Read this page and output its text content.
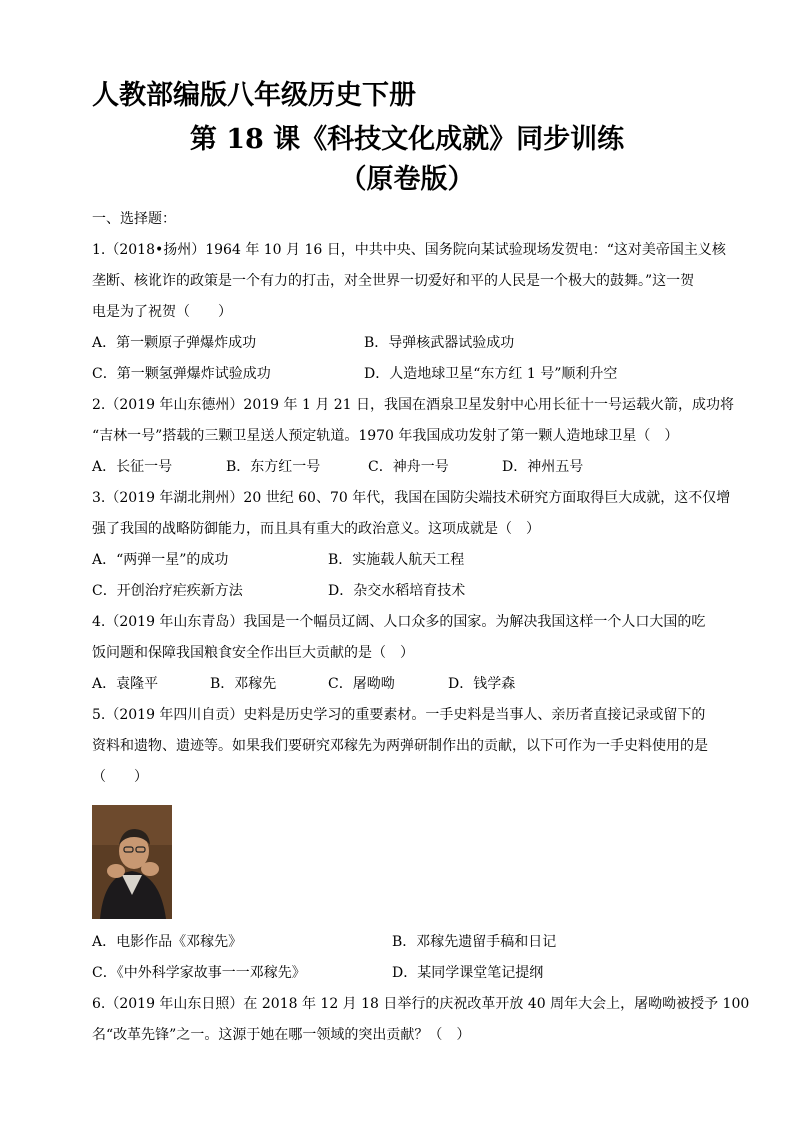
人教部编版八年级历史下册
第 18 课《科技文化成就》同步训练
（原卷版）
一、选择题：
1.（2018•扬州）1964 年 10 月 16 日，中共中央、国务院向某试验现场发贺电：“这对美帝国主义核
垄断、核讹诈的政策是一个有力的打击，对全世界一切爱好和平的人民是一个极大的鼓舞。”这一贺
电是为了祝贺（　　）
A．第一颗原子弹爆炸成功	B．导弹核武器试验成功
C．第一颗氢弹爆炸试验成功	D．人造地球卫星“东方红 1 号”顺利升空
2.（2019 年山东德州）2019 年 1 月 21 日，我国在酒泉卫星发射中心用长征十一号运载火箭，成功将
“吉林一号”搭载的三颗卫星送人预定轨道。1970 年我国成功发射了第一颗人造地球卫星（　）
A．长征一号	B．东方红一号	C．神舟一号	D．神州五号
3.（2019 年湖北荆州）20 世纪 60、70 年代，我国在国防尖端技术研究方面取得巨大成就，这不仅增
强了我国的战略防御能力，而且具有重大的政治意义。这项成就是（　）
A．“两弹一星”的成功	B．实施载人航天工程
C．开创治疗疟疾新方法	D．杂交水稻培育技术
4.（2019 年山东青岛）我国是一个幅员辽阔、人口众多的国家。为解决我国这样一个人口大国的吃
饭问题和保障我国粮食安全作出巨大贡献的是（　）
A．袁隆平	B．邓稼先	C．屠呦呦	D．钱学森
5.（2019 年四川自贡）史料是历史学习的重要素材。一手史料是当事人、亲历者直接记录或留下的
资料和遗物、遗迹等。如果我们要研究邓稼先为两弹研制作出的贡献，以下可作为一手史料使用的是
（　　）
A．电影作品《邓稼先》	B．邓稼先遗留手稿和日记
C．《中外科学家故事一一邓稼先》	D．某同学课堂笔记提纲
6.（2019 年山东日照）在 2018 年 12 月 18 日举行的庆祝改革开放 40 周年大会上，屠呦呦被授予 100
名“改革先锋”之一。这源于她在哪一领域的突出贡献？（　）
